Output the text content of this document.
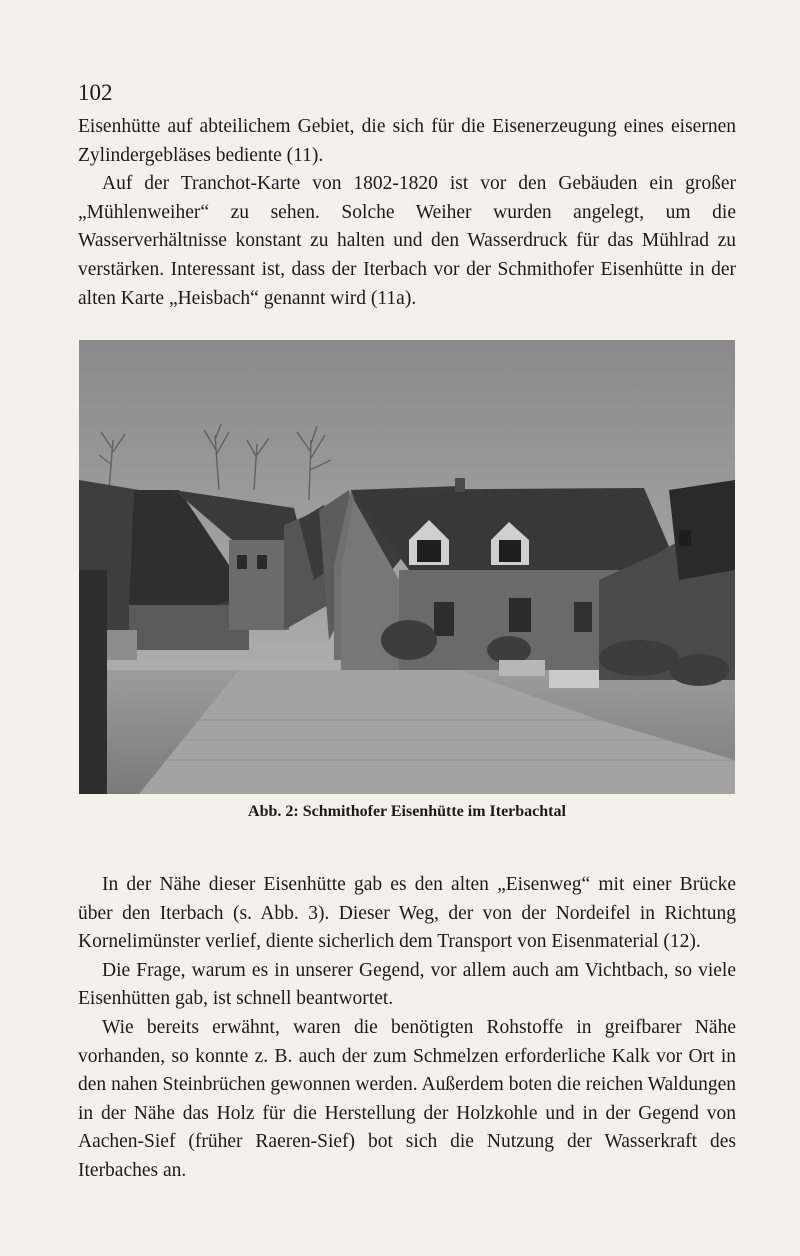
102

Eisenhütte auf abteilichem Gebiet, die sich für die Eisenerzeugung eines eisernen Zylindergebläses bediente (11).

Auf der Tranchot-Karte von 1802-1820 ist vor den Gebäuden ein großer „Mühlenweiher“ zu sehen. Solche Weiher wurden angelegt, um die Wasserverhältnisse konstant zu halten und den Wasserdruck für das Mühlrad zu verstärken. Interessant ist, dass der Iterbach vor der Schmithofer Eisenhütte in der alten Karte „Heisbach“ genannt wird (11a).

Abb. 2: Schmithofer Eisenhütte im Iterbachtal

In der Nähe dieser Eisenhütte gab es den alten „Eisenweg“ mit einer Brücke über den Iterbach (s. Abb. 3). Dieser Weg, der von der Nordeifel in Richtung Kornelimünster verlief, diente sicherlich dem Transport von Eisenmaterial (12).

Die Frage, warum es in unserer Gegend, vor allem auch am Vichtbach, so viele Eisenhütten gab, ist schnell beantwortet.

Wie bereits erwähnt, waren die benötigten Rohstoffe in greifbarer Nähe vorhanden, so konnte z. B. auch der zum Schmelzen erforderliche Kalk vor Ort in den nahen Steinbrüchen gewonnen werden. Außerdem boten die reichen Waldungen in der Nähe das Holz für die Herstellung der Holzkohle und in der Gegend von Aachen-Sief (früher Raeren-Sief) bot sich die Nutzung der Wasserkraft des Iterbaches an.
